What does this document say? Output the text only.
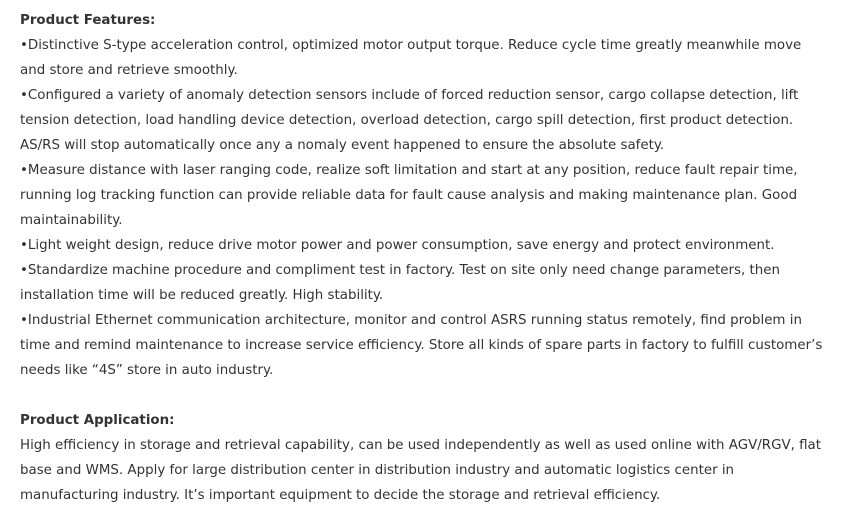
Product Features:
•Distinctive S-type acceleration control, optimized motor output torque. Reduce cycle time greatly meanwhile move and store and retrieve smoothly.
•Configured a variety of anomaly detection sensors include of forced reduction sensor, cargo collapse detection, lift tension detection, load handling device detection, overload detection, cargo spill detection, first product detection. AS/RS will stop automatically once any a nomaly event happened to ensure the absolute safety.
•Measure distance with laser ranging code, realize soft limitation and start at any position, reduce fault repair time, running log tracking function can provide reliable data for fault cause analysis and making maintenance plan. Good maintainability.
•Light weight design, reduce drive motor power and power consumption, save energy and protect environment.
•Standardize machine procedure and compliment test in factory. Test on site only need change parameters, then installation time will be reduced greatly. High stability.
•Industrial Ethernet communication architecture, monitor and control ASRS running status remotely, find problem in time and remind maintenance to increase service efficiency. Store all kinds of spare parts in factory to fulfill customer’s needs like “4S” store in auto industry.
Product Application:
High efficiency in storage and retrieval capability, can be used independently as well as used online with AGV/RGV, flat base and WMS. Apply for large distribution center in distribution industry and automatic logistics center in manufacturing industry. It’s important equipment to decide the storage and retrieval efficiency.
